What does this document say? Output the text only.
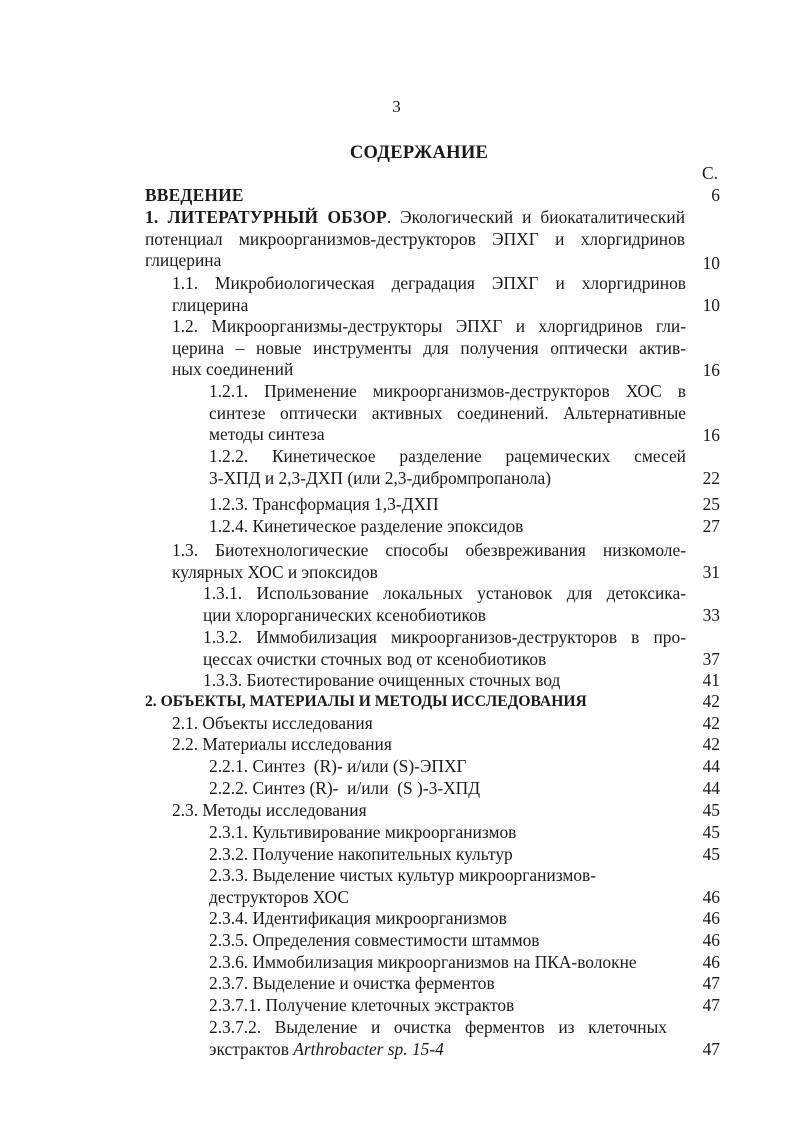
3
СОДЕРЖАНИЕ
С.
ВВЕДЕНИЕ	6
1. ЛИТЕРАТУРНЫЙ ОБЗОР. Экологический и биокаталитический
потенциал микроорганизмов-деструкторов ЭПХГ и хлоргидринов
глицерина	10
1.1. Микробиологическая деградация ЭПХГ и хлоргидринов
глицерина	10
1.2. Микроорганизмы-деструкторы ЭПХГ и хлоргидринов гли-
церина – новые инструменты для получения оптически актив-
ных соединений	16
1.2.1. Применение микроорганизмов-деструкторов ХОС в
синтезе оптически активных соединений. Альтернативные
методы синтеза	16
1.2.2. Кинетическое разделение рацемических смесей
3-ХПД и 2,3-ДХП (или 2,3-дибромпропанола)	22
1.2.3. Трансформация 1,3-ДХП	25
1.2.4. Кинетическое разделение эпоксидов	27
1.3. Биотехнологические способы обезвреживания низкомоле-
кулярных ХОС и эпоксидов	31
1.3.1. Использование локальных установок для детоксика-
ции хлорорганических ксенобиотиков	33
1.3.2. Иммобилизация микроорганизов-деструкторов в про-
цессах очистки сточных вод от ксенобиотиков	37
1.3.3. Биотестирование очищенных сточных вод	41
2. ОБЪЕКТЫ, МАТЕРИАЛЫ И МЕТОДЫ ИССЛЕДОВАНИЯ	42
2.1. Объекты исследования	42
2.2. Материалы исследования	42
2.2.1. Синтез  (R)- и/или (S)-ЭПХГ	44
2.2.2. Синтез (R)-  и/или  (S )-3-ХПД	44
2.3. Методы исследования	45
2.3.1. Культивирование микроорганизмов	45
2.3.2. Получение накопительных культур	45
2.3.3. Выделение чистых культур микроорганизмов-
деструкторов ХОС	46
2.3.4. Идентификация микроорганизмов	46
2.3.5. Определения совместимости штаммов	46
2.3.6. Иммобилизация микроорганизмов на ПКА-волокне	46
2.3.7. Выделение и очистка ферментов	47
2.3.7.1. Получение клеточных экстрактов	47
2.3.7.2. Выделение и очистка ферментов из клеточных
экстрактов Arthrobacter sp. 15-4	47
